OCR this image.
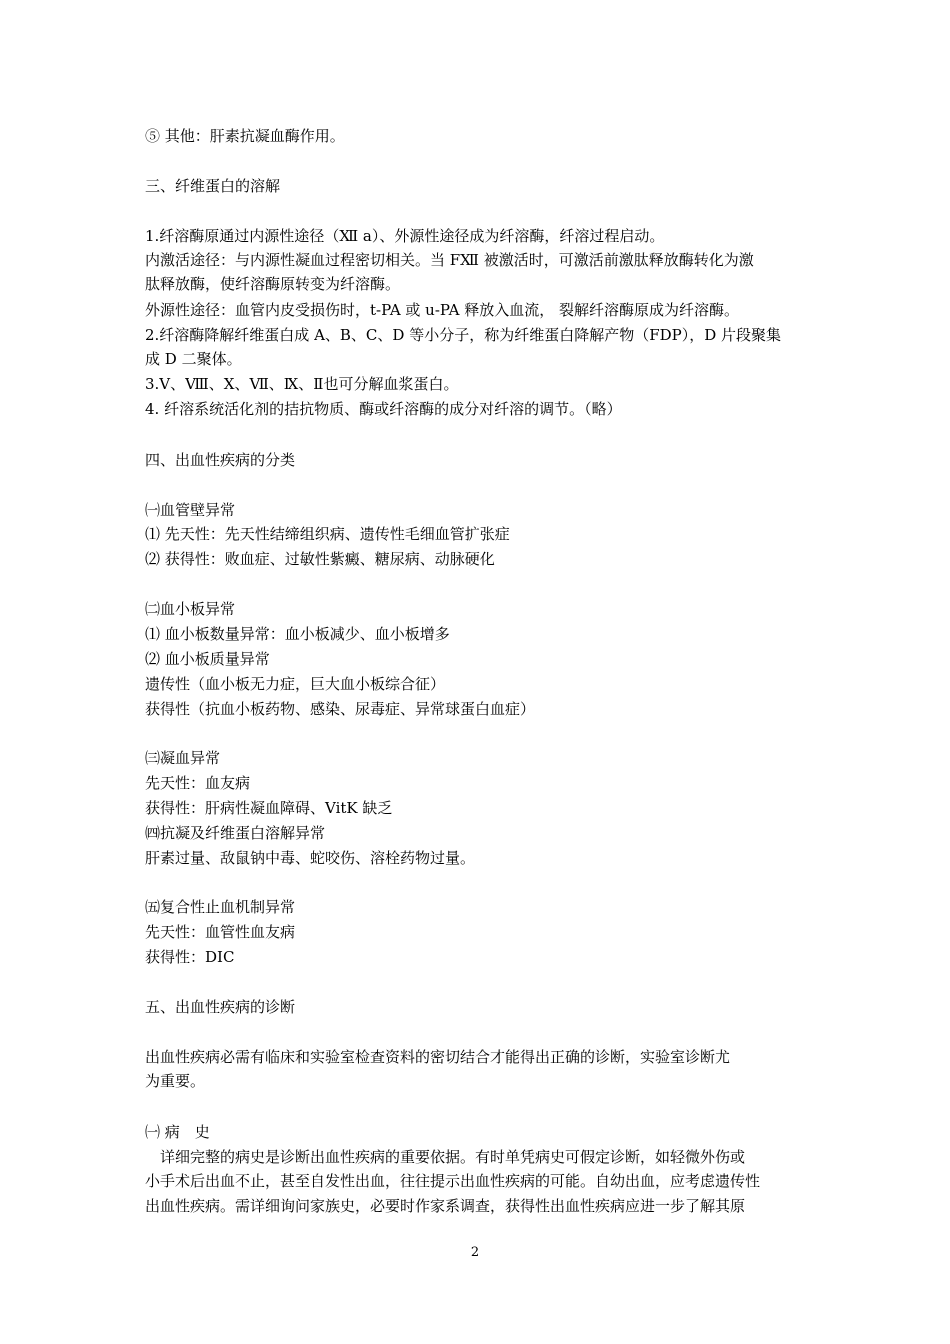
⑤ 其他：肝素抗凝血酶作用。
三、纤维蛋白的溶解
1.纤溶酶原通过内源性途径（Ⅻ a）、外源性途径成为纤溶酶，纤溶过程启动。
内激活途径：与内源性凝血过程密切相关。当 FⅫ 被激活时，可激活前激肽释放酶转化为激
肽释放酶，使纤溶酶原转变为纤溶酶。
外源性途径：血管内皮受损伤时，t-PA 或 u-PA 释放入血流， 裂解纤溶酶原成为纤溶酶。
2.纤溶酶降解纤维蛋白成 A、B、C、D 等小分子，称为纤维蛋白降解产物（FDP），D 片段聚集
成 D 二聚体。
3.Ⅴ、Ⅷ、Ⅹ、Ⅶ、Ⅸ、Ⅱ也可分解血浆蛋白。
4. 纤溶系统活化剂的拮抗物质、酶或纤溶酶的成分对纤溶的调节。（略）
四、出血性疾病的分类
㈠血管壁异常
⑴ 先天性：先天性结缔组织病、遗传性毛细血管扩张症
⑵ 获得性：败血症、过敏性紫癜、糖尿病、动脉硬化
㈡血小板异常
⑴ 血小板数量异常：血小板减少、血小板增多
⑵ 血小板质量异常
遗传性（血小板无力症，巨大血小板综合征）
获得性（抗血小板药物、感染、尿毒症、异常球蛋白血症）
㈢凝血异常
先天性：血友病
获得性：肝病性凝血障碍、VitK 缺乏
㈣抗凝及纤维蛋白溶解异常
肝素过量、敌鼠钠中毒、蛇咬伤、溶栓药物过量。
㈤复合性止血机制异常
先天性：血管性血友病
获得性：DIC
五、出血性疾病的诊断
出血性疾病必需有临床和实验室检查资料的密切结合才能得出正确的诊断，实验室诊断尤
为重要。
㈠ 病　史
　详细完整的病史是诊断出血性疾病的重要依据。有时单凭病史可假定诊断，如轻微外伤或
小手术后出血不止，甚至自发性出血，往往提示出血性疾病的可能。自幼出血，应考虑遗传性
出血性疾病。需详细询问家族史，必要时作家系调查，获得性出血性疾病应进一步了解其原
2
